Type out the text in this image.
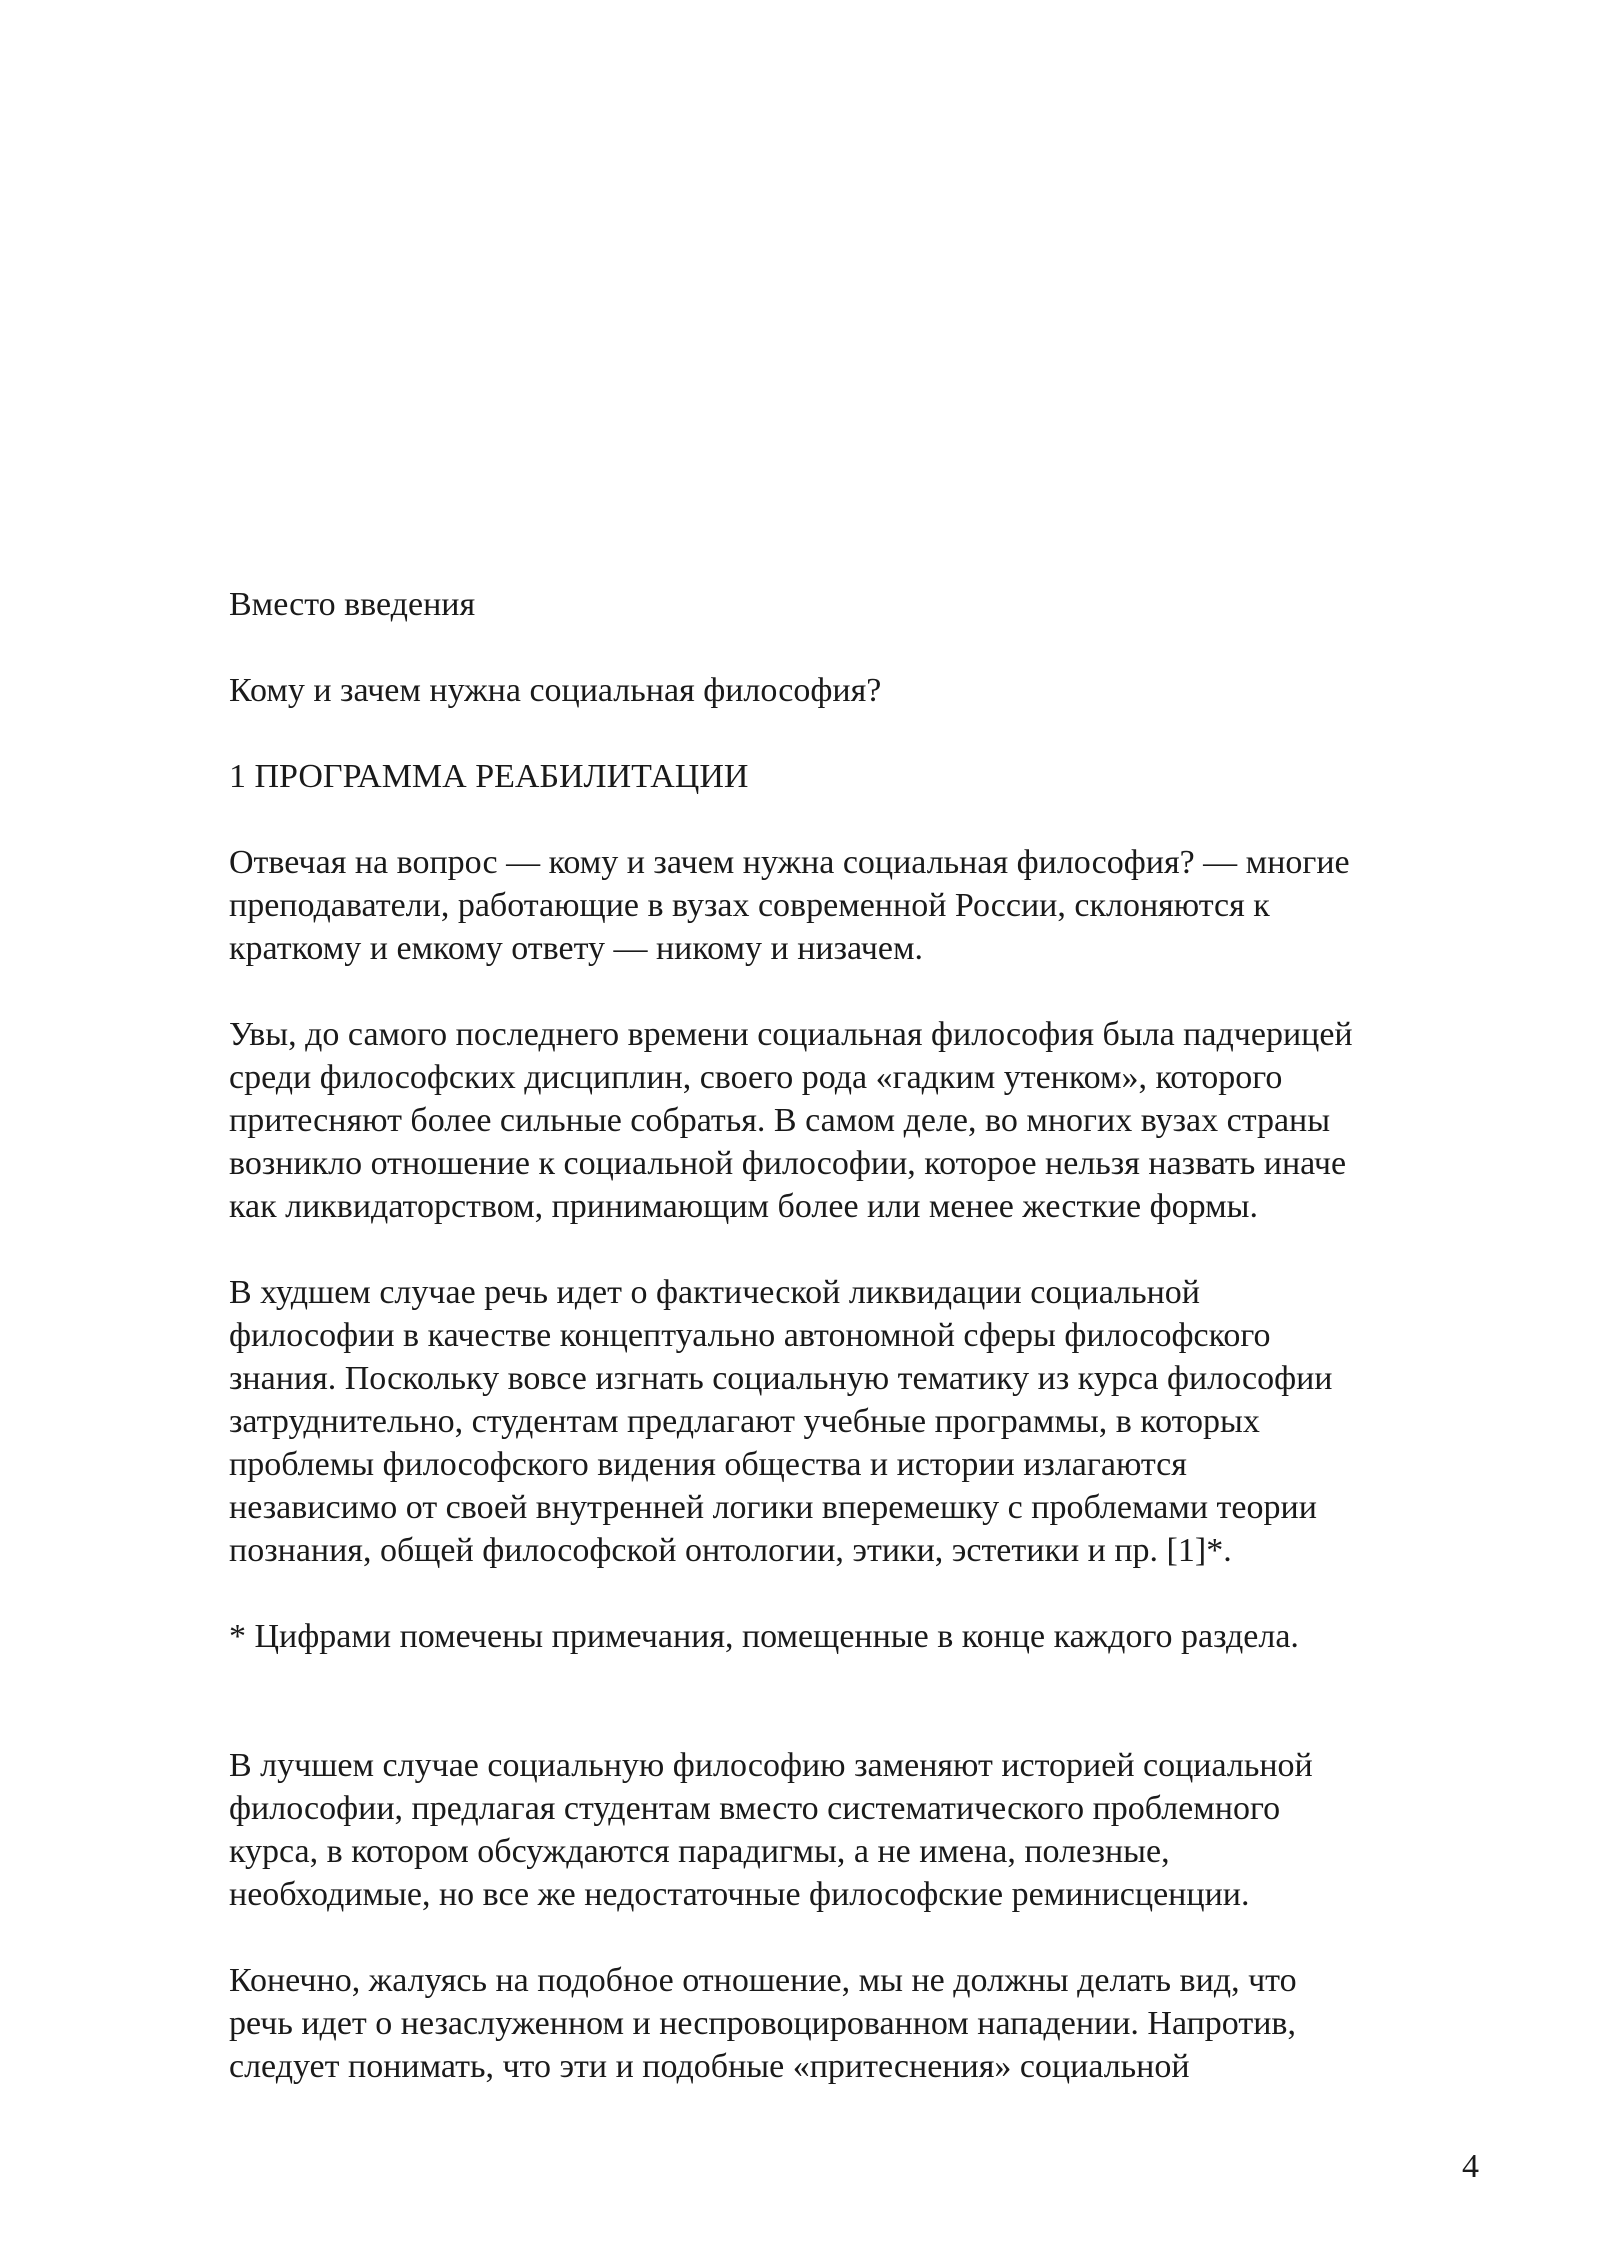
Вместо введения

Кому и зачем нужна социальная философия?

1 ПРОГРАММА РЕАБИЛИТАЦИИ

Отвечая на вопрос — кому и зачем нужна социальная философия? — многие
преподаватели, работающие в вузах современной России, склоняются к
краткому и емкому ответу — никому и низачем.

Увы, до самого последнего времени социальная философия была падчерицей
среди философских дисциплин, своего рода «гадким утенком», которого
притесняют более сильные собратья. В самом деле, во многих вузах страны
возникло отношение к социальной философии, которое нельзя назвать иначе
как ликвидаторством, принимающим более или менее жесткие формы.

В худшем случае речь идет о фактической ликвидации социальной
философии в качестве концептуально автономной сферы философского
знания. Поскольку вовсе изгнать социальную тематику из курса философии
затруднительно, студентам предлагают учебные программы, в которых
проблемы философского видения общества и истории излагаются
независимо от своей внутренней логики вперемешку с проблемами теории
познания, общей философской онтологии, этики, эстетики и пр. [1]*.

* Цифрами помечены примечания, помещенные в конце каждого раздела.

В лучшем случае социальную философию заменяют историей социальной
философии, предлагая студентам вместо систематического проблемного
курса, в котором обсуждаются парадигмы, а не имена, полезные,
необходимые, но все же недостаточные философские реминисценции.

Конечно, жалуясь на подобное отношение, мы не должны делать вид, что
речь идет о незаслуженном и неспровоцированном нападении. Напротив,
следует понимать, что эти и подобные «притеснения» социальной

4
